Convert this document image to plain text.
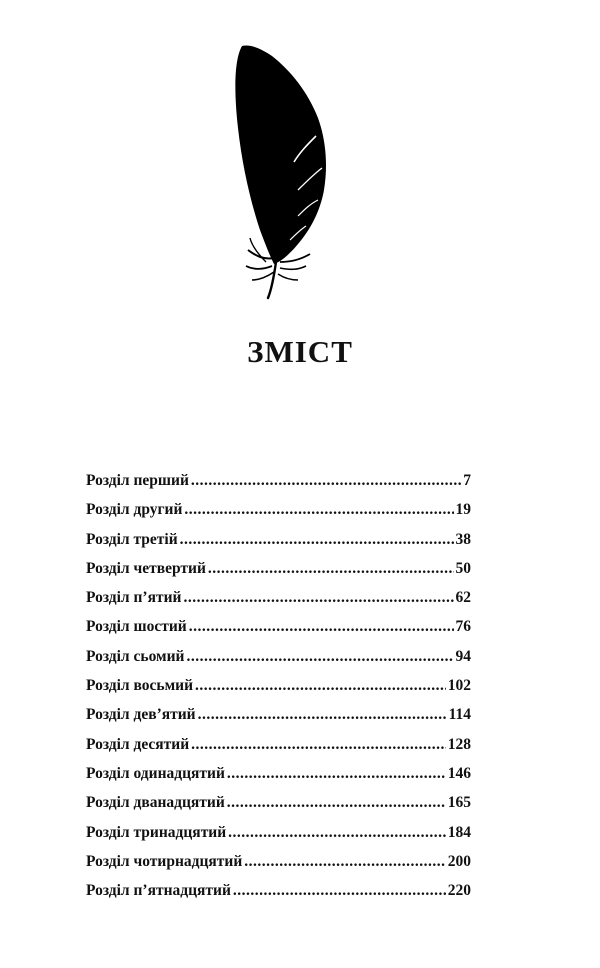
ЗМІСТ
Розділ перший .....	7
Розділ другий .....	19
Розділ третій .....	38
Розділ четвертий .....	50
Розділ п’ятий .....	62
Розділ шостий .....	76
Розділ сьомий .....	94
Розділ восьмий .....	102
Розділ дев’ятий .....	114
Розділ десятий .....	128
Розділ одинадцятий .....	146
Розділ дванадцятий .....	165
Розділ тринадцятий .....	184
Розділ чотирнадцятий .....	200
Розділ п’ятнадцятий .....	220
